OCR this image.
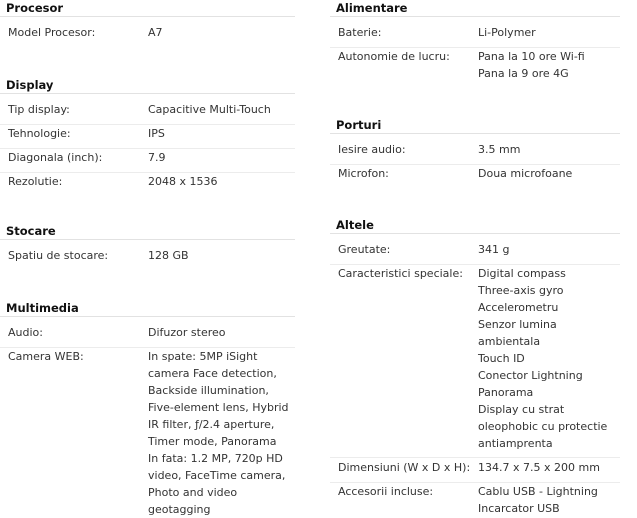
Procesor
Model Procesor:	A7
Display
Tip display:	Capacitive Multi-Touch
Tehnologie:	IPS
Diagonala (inch):	7.9
Rezolutie:	2048 x 1536
Stocare
Spatiu de stocare:	128 GB
Multimedia
Audio:	Difuzor stereo
Camera WEB:	In spate: 5MP iSight
camera Face detection,
Backside illumination,
Five-element lens, Hybrid
IR filter, ƒ/2.4 aperture,
Timer mode, Panorama
In fata: 1.2 MP, 720p HD
video, FaceTime camera,
Photo and video
geotagging
Alimentare
Baterie:	Li-Polymer
Autonomie de lucru:	Pana la 10 ore Wi-fi
Pana la 9 ore 4G
Porturi
Iesire audio:	3.5 mm
Microfon:	Doua microfoane
Altele
Greutate:	341 g
Caracteristici speciale:	Digital compass
Three-axis gyro
Accelerometru
Senzor lumina
ambientala
Touch ID
Conector Lightning
Panorama
Display cu strat
oleophobic cu protectie
antiamprenta
Dimensiuni (W x D x H): 134.7 x 7.5 x 200 mm
Accesorii incluse:	Cablu USB - Lightning
Incarcator USB
